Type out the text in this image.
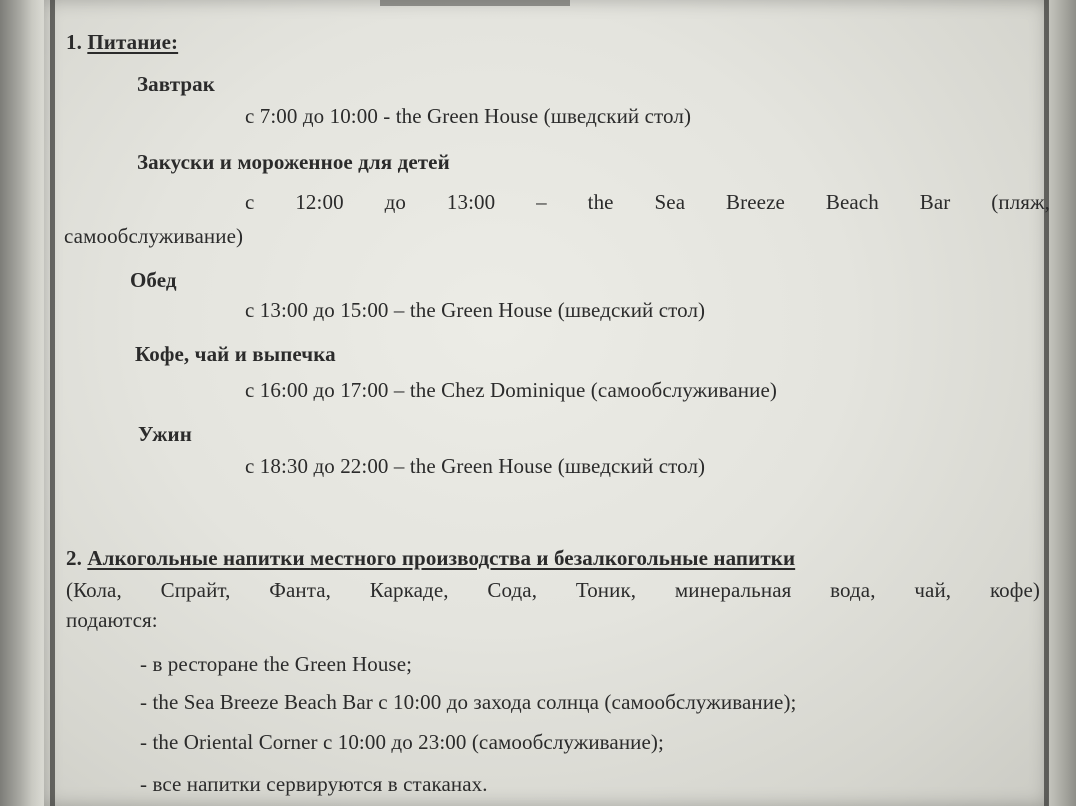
1. Питание:
Завтрак
с 7:00 до 10:00 - the Green House (шведский стол)
Закуски и мороженное для детей
с 12:00 до 13:00 – the Sea Breeze Beach Bar (пляж,
самообслуживание)
Обед
с 13:00 до 15:00 – the Green House (шведский стол)
Кофе, чай и выпечка
с 16:00 до 17:00 – the Chez Dominique (самообслуживание)
Ужин
с 18:30 до 22:00 – the Green House (шведский стол)
2. Алкогольные напитки местного производства и безалкогольные напитки
(Кола, Спрайт, Фанта, Каркаде, Сода, Тоник, минеральная вода, чай, кофе)
подаются:
- в ресторане the Green House;
- the Sea Breeze Beach Bar с 10:00 до захода солнца (самообслуживание);
- the Oriental Corner с 10:00 до 23:00 (самообслуживание);
- все напитки сервируются в стаканах.
